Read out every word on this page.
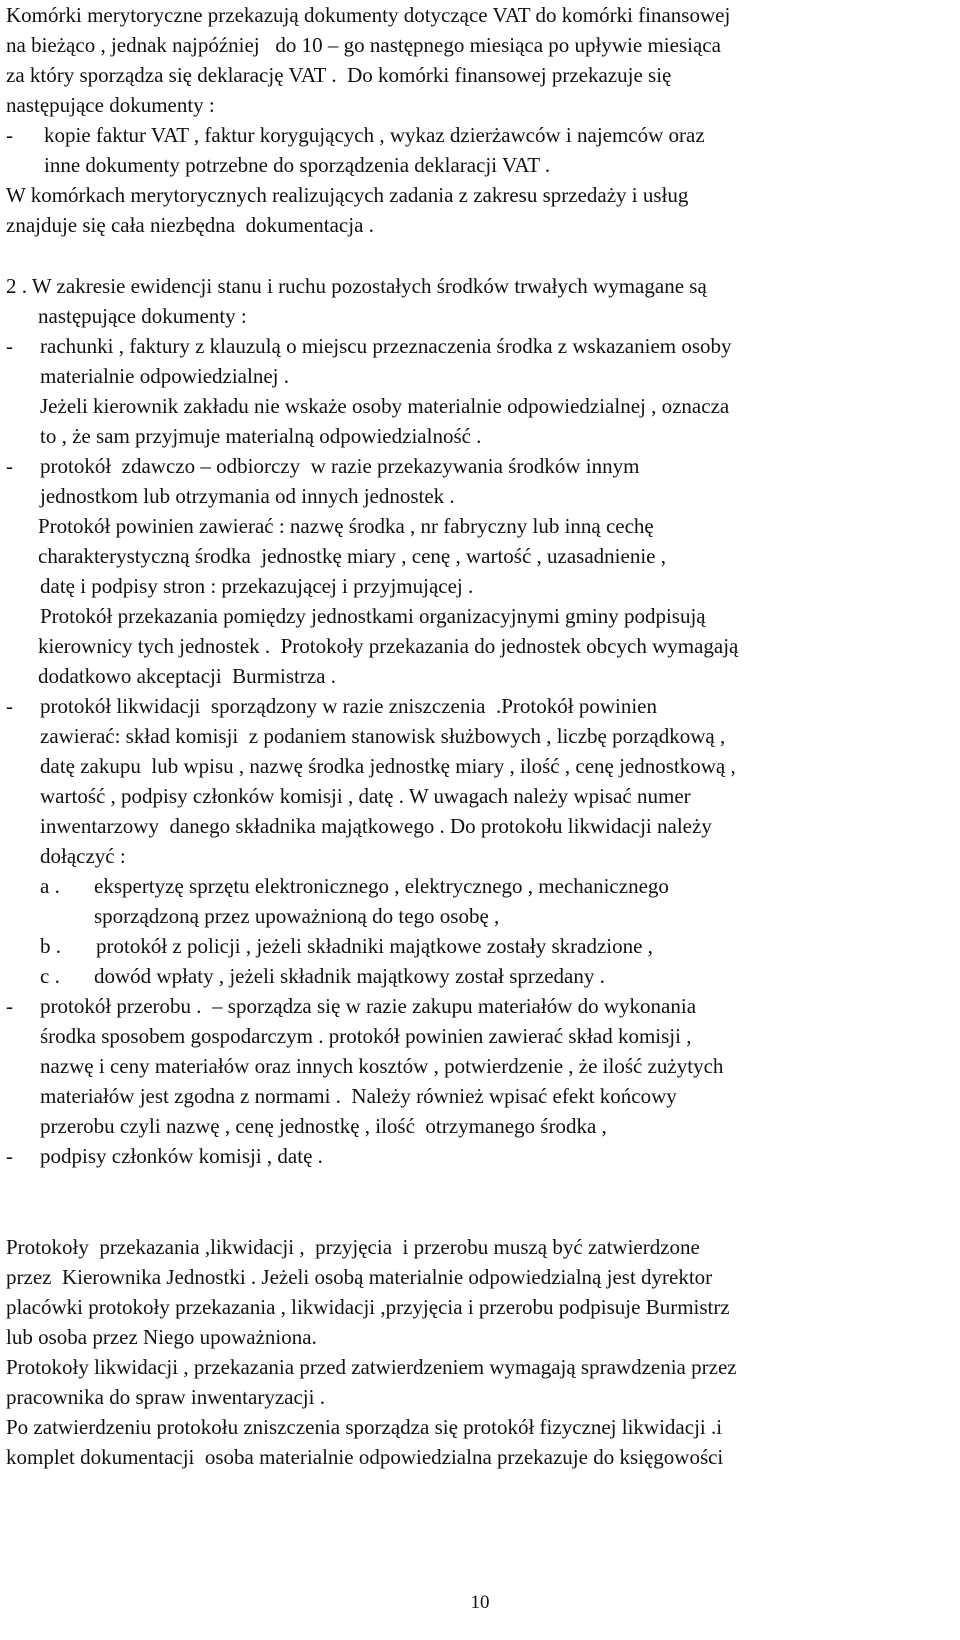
Komórki merytoryczne przekazują dokumenty dotyczące VAT do komórki finansowej
na bieżąco , jednak najpóźniej   do 10 – go następnego miesiąca po upływie miesiąca
za który sporządza się deklarację VAT .  Do komórki finansowej przekazuje się
następujące dokumenty :
- kopie faktur VAT , faktur korygujących , wykaz dzierżawców i najemców oraz
inne dokumenty potrzebne do sporządzenia deklaracji VAT .
W komórkach merytorycznych realizujących zadania z zakresu sprzedaży i usług
znajduje się cała niezbędna  dokumentacja .
2 . W zakresie ewidencji stanu i ruchu pozostałych środków trwałych wymagane są
następujące dokumenty :
- rachunki , faktury z klauzulą o miejscu przeznaczenia środka z wskazaniem osoby
materialnie odpowiedzialnej .
Jeżeli kierownik zakładu nie wskaże osoby materialnie odpowiedzialnej , oznacza
to , że sam przyjmuje materialną odpowiedzialność .
- protokół  zdawczo – odbiorczy  w razie przekazywania środków innym
jednostkom lub otrzymania od innych jednostek .
Protokół powinien zawierać : nazwę środka , nr fabryczny lub inną cechę
charakterystyczną środka  jednostkę miary , cenę , wartość , uzasadnienie ,
datę i podpisy stron : przekazującej i przyjmującej .
Protokół przekazania pomiędzy jednostkami organizacyjnymi gminy podpisują
kierownicy tych jednostek .  Protokoły przekazania do jednostek obcych wymagają
dodatkowo akceptacji  Burmistrza .
- protokół likwidacji  sporządzony w razie zniszczenia  .Protokół powinien
zawierać: skład komisji  z podaniem stanowisk służbowych , liczbę porządkową ,
datę zakupu  lub wpisu , nazwę środka jednostkę miary , ilość , cenę jednostkową ,
wartość , podpisy członków komisji , datę . W uwagach należy wpisać numer
inwentarzowy  danego składnika majątkowego . Do protokołu likwidacji należy
dołączyć :
a . ekspertyzę sprzętu elektronicznego , elektrycznego , mechanicznego
sporządzoną przez upoważnioną do tego osobę ,
b . protokół z policji , jeżeli składniki majątkowe zostały skradzione ,
c . dowód wpłaty , jeżeli składnik majątkowy został sprzedany .
- protokół przerobu .  – sporządza się w razie zakupu materiałów do wykonania
środka sposobem gospodarczym . protokół powinien zawierać skład komisji ,
nazwę i ceny materiałów oraz innych kosztów , potwierdzenie , że ilość zużytych
materiałów jest zgodna z normami .  Należy również wpisać efekt końcowy
przerobu czyli nazwę , cenę jednostkę , ilość  otrzymanego środka ,
- podpisy członków komisji , datę .
Protokoły  przekazania ,likwidacji ,  przyjęcia  i przerobu muszą być zatwierdzone
przez  Kierownika Jednostki . Jeżeli osobą materialnie odpowiedzialną jest dyrektor
placówki protokoły przekazania , likwidacji ,przyjęcia i przerobu podpisuje Burmistrz
lub osoba przez Niego upoważniona.
Protokoły likwidacji , przekazania przed zatwierdzeniem wymagają sprawdzenia przez
pracownika do spraw inwentaryzacji .
Po zatwierdzeniu protokołu zniszczenia sporządza się protokół fizycznej likwidacji .i
komplet dokumentacji  osoba materialnie odpowiedzialna przekazuje do księgowości
10
